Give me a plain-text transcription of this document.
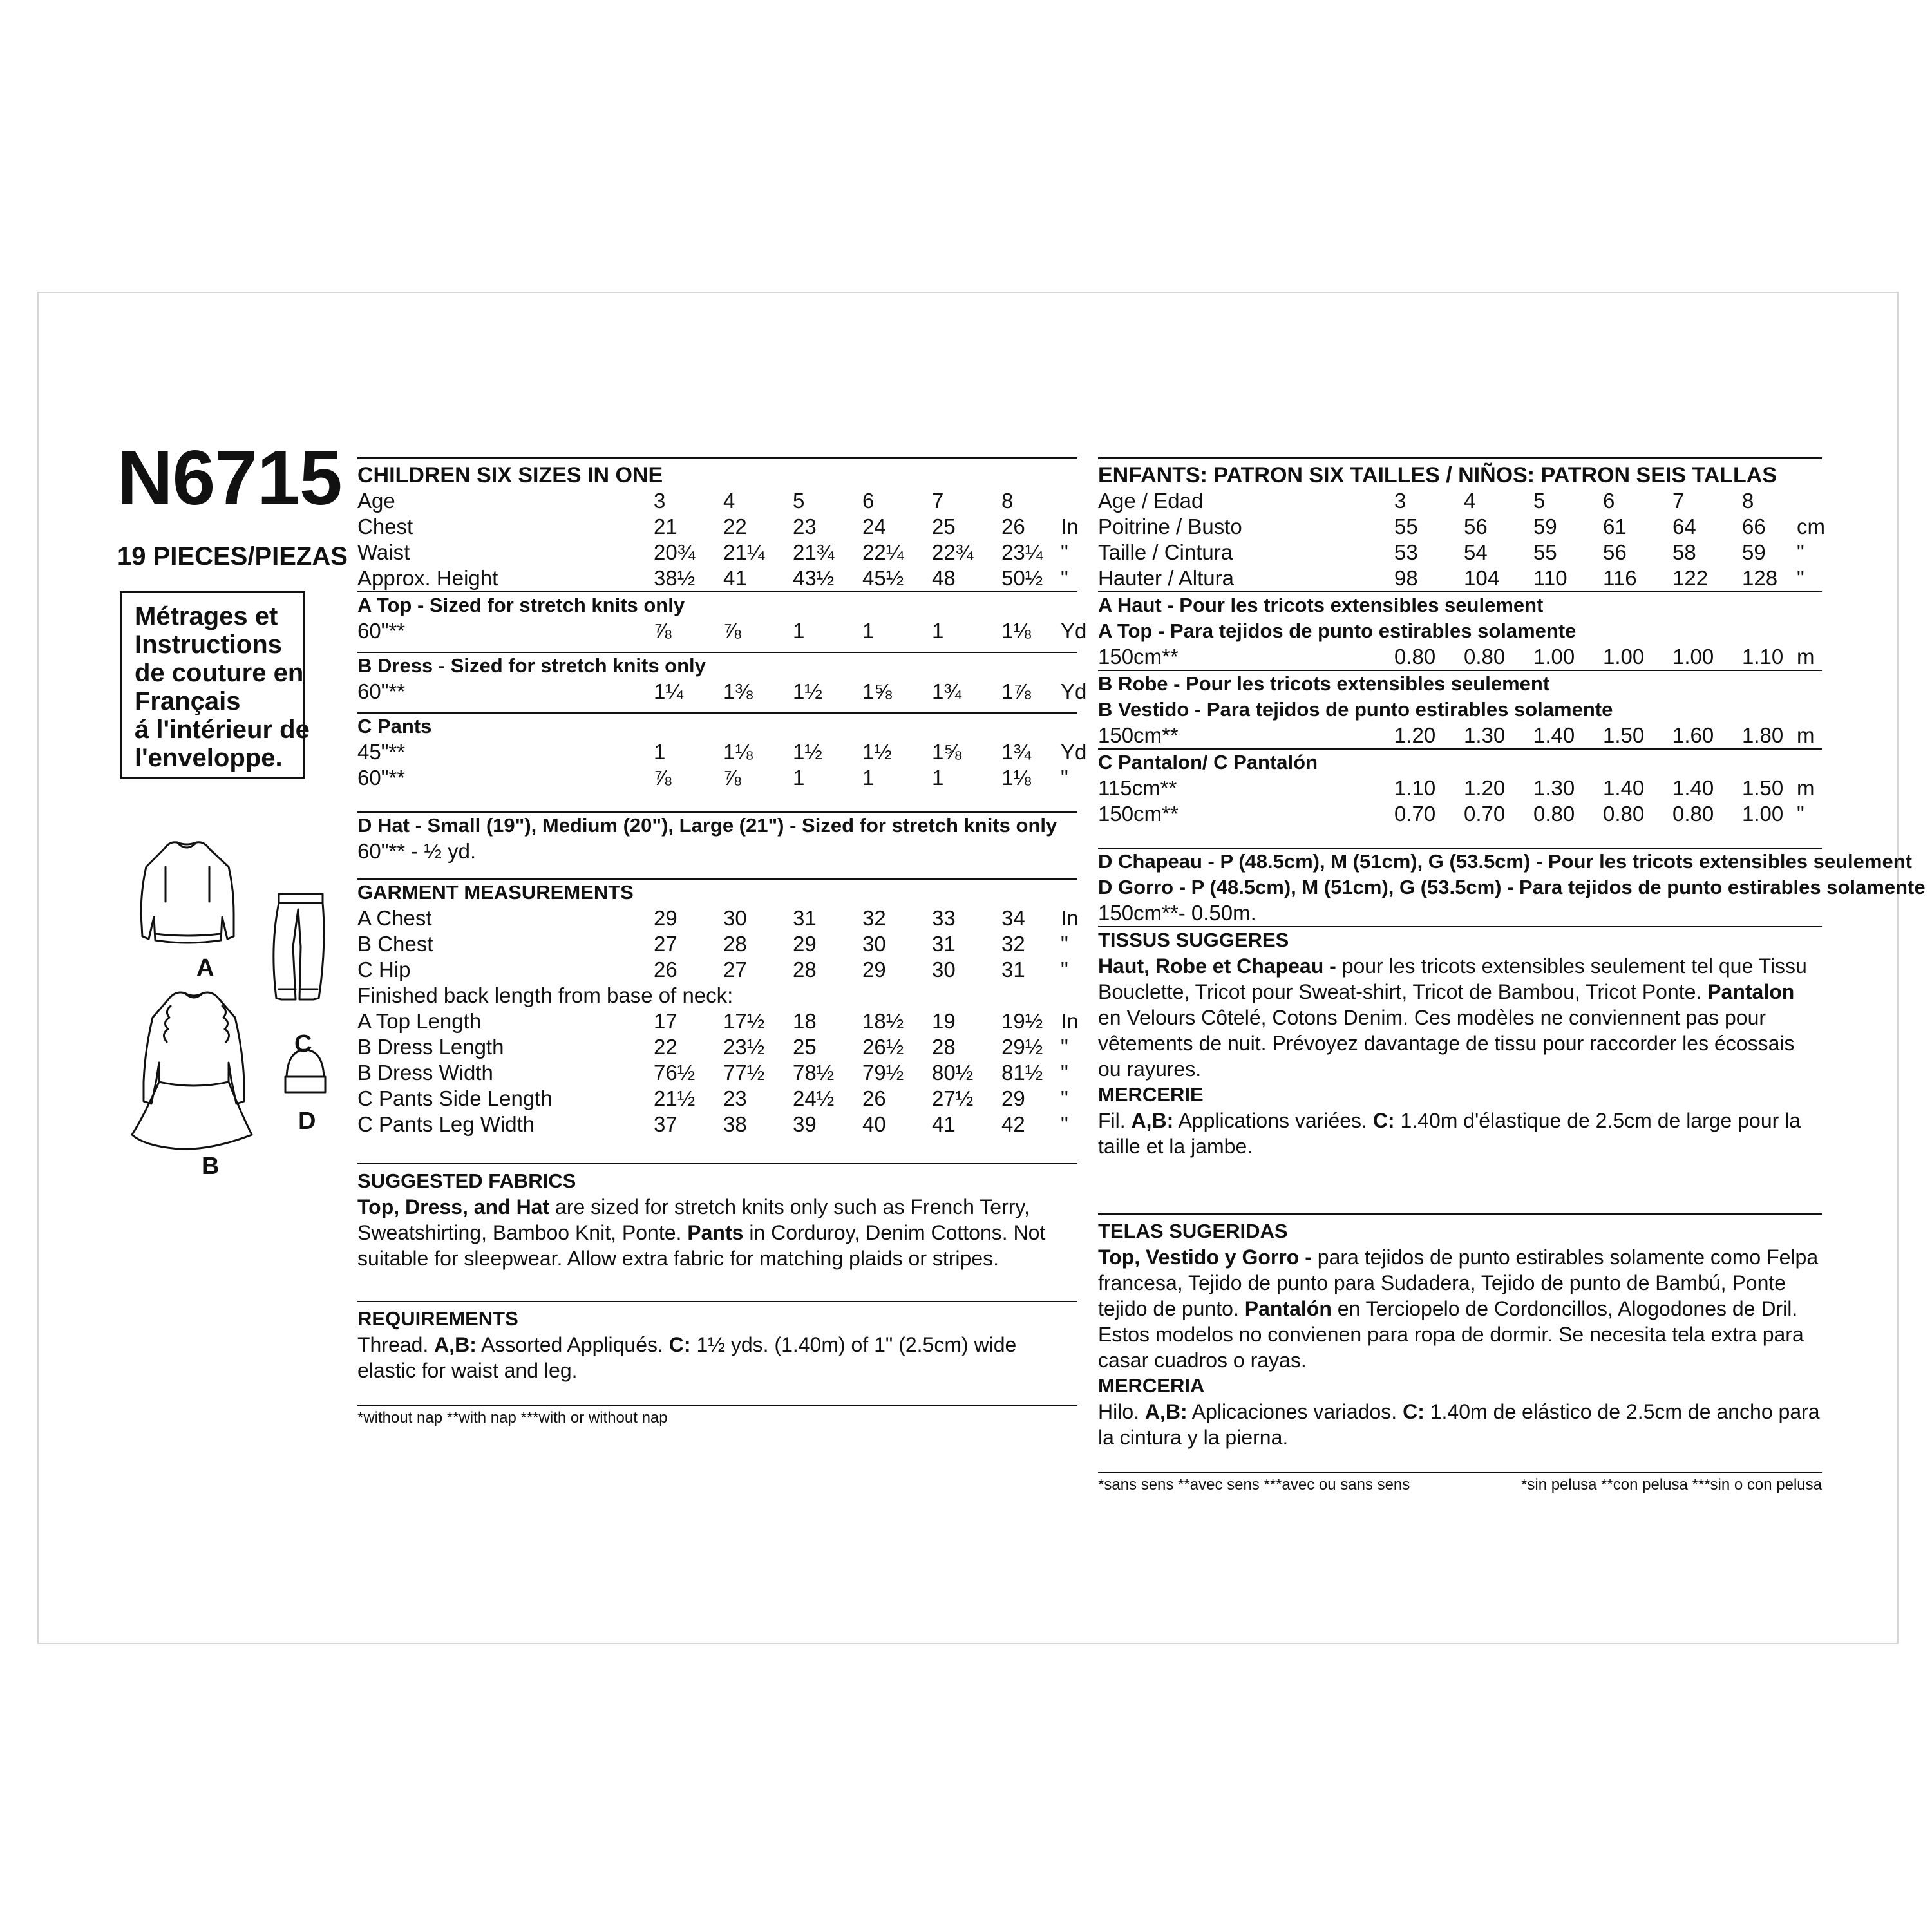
N6715
19 PIECES/PIEZAS
Métrages et
Instructions
de couture en
Français
á l'intérieur de
l'enveloppe.
A
C
B
D
CHILDREN SIX SIZES IN ONE
Age	3	4	5	6	7	8
Chest	21 22 23 24 25 26 In
Waist	20¾ 21¼ 21¾ 22¼ 22¾ 23¼ "
Approx. Height	38½ 41 43½ 45½ 48 50½ "
A Top - Sized for stretch knits only
60"**	⅞ ⅞ 1	1	1	1⅛ Yd
B Dress - Sized for stretch knits only
60"**	1¼ 1⅜ 1½ 1⅝ 1¾ 1⅞ Yd
C Pants
45"**	1	1⅛ 1½ 1½ 1⅝ 1¾ Yd
60"**	⅞ ⅞ 1	1	1	1⅛ "
D Hat - Small (19"), Medium (20"), Large (21") - Sized for stretch knits only
60"** - ½ yd.
GARMENT MEASUREMENTS
A Chest	29 30 31 32 33 34 In
B Chest	27 28 29 30 31 32 "
C Hip	26 27 28 29 30 31 "
Finished back length from base of neck:
A Top Length	17 17½ 18 18½ 19 19½ In
B Dress Length	22 23½ 25 26½ 28 29½ "
B Dress Width	76½ 77½ 78½ 79½ 80½ 81½ "
C Pants Side Length	21½ 23 24½ 26 27½ 29 "
C Pants Leg Width	37 38 39 40 41 42 "
SUGGESTED FABRICS
Top, Dress, and Hat are sized for stretch knits only such as French Terry, Sweatshirting, Bamboo Knit, Ponte. Pants in Corduroy, Denim Cottons. Not suitable for sleepwear. Allow extra fabric for matching plaids or stripes.
REQUIREMENTS
Thread. A,B: Assorted Appliqués. C: 1½ yds. (1.40m) of 1" (2.5cm) wide elastic for waist and leg.
*without nap **with nap ***with or without nap
ENFANTS: PATRON SIX TAILLES / NIÑOS: PATRON SEIS TALLAS
Age / Edad	3	4	5	6	7	8
Poitrine / Busto	55 56 59 61 64 66 cm
Taille / Cintura	53 54 55 56 58 59 "
Hauter / Altura	98 104 110 116 122 128 "
A Haut - Pour les tricots extensibles seulement
A Top - Para tejidos de punto estirables solamente
150cm**	0.80 0.80 1.00 1.00 1.00 1.10 m
B Robe - Pour les tricots extensibles seulement
B Vestido - Para tejidos de punto estirables solamente
150cm**	1.20 1.30 1.40 1.50 1.60 1.80 m
C Pantalon/ C Pantalón
115cm**	1.10 1.20 1.30 1.40 1.40 1.50 m
150cm**	0.70 0.70 0.80 0.80 0.80 1.00 "
D Chapeau - P (48.5cm), M (51cm), G (53.5cm) - Pour les tricots extensibles seulement
D Gorro - P (48.5cm), M (51cm), G (53.5cm) - Para tejidos de punto estirables solamente
150cm**- 0.50m.
TISSUS SUGGERES
Haut, Robe et Chapeau - pour les tricots extensibles seulement tel que Tissu Bouclette, Tricot pour Sweat-shirt, Tricot de Bambou, Tricot Ponte. Pantalon en Velours Côtelé, Cotons Denim. Ces modèles ne conviennent pas pour vêtements de nuit. Prévoyez davantage de tissu pour raccorder les écossais ou rayures.
MERCERIE
Fil. A,B: Applications variées. C: 1.40m d'élastique de 2.5cm de large pour la taille et la jambe.
TELAS SUGERIDAS
Top, Vestido y Gorro - para tejidos de punto estirables solamente como Felpa francesa, Tejido de punto para Sudadera, Tejido de punto de Bambú, Ponte tejido de punto. Pantalón en Terciopelo de Cordoncillos, Alogodones de Dril. Estos modelos no convienen para ropa de dormir. Se necesita tela extra para casar cuadros o rayas.
MERCERIA
Hilo. A,B: Aplicaciones variados. C: 1.40m de elástico de 2.5cm de ancho para la cintura y la pierna.
*sans sens **avec sens ***avec ou sans sens	*sin pelusa **con pelusa ***sin o con pelusa
